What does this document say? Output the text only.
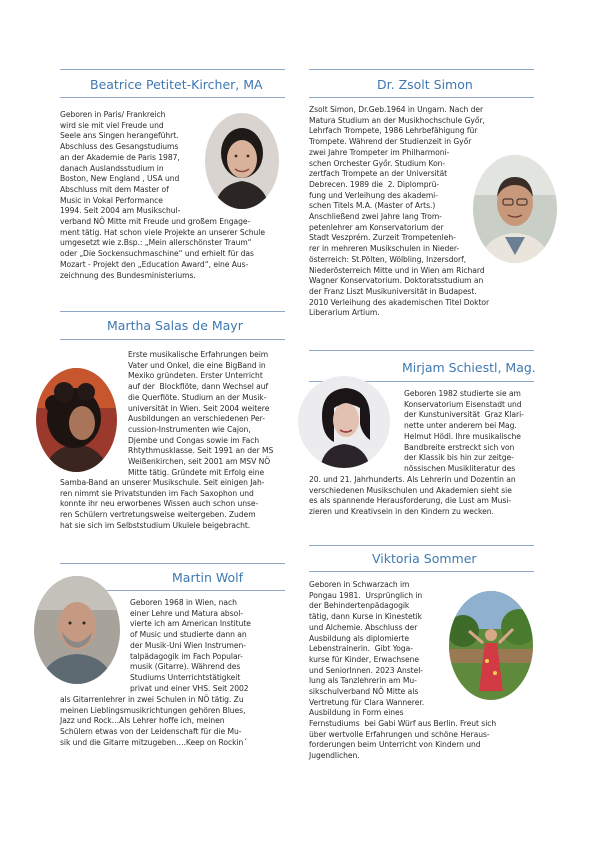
Beatrice Petitet-Kircher, MA
Geboren in Paris/ Frankreich
wird sie mit viel Freude und
Seele ans Singen herangeführt.
Abschluss des Gesangstudiums
an der Akademie de Paris 1987,
danach Auslandsstudium in
Boston, New England , USA und
Abschluss mit dem Master of
Music in Vokal Performance
1994. Seit 2004 am Musikschul-
verband NÖ Mitte mit Freude und großem Engage-
ment tätig. Hat schon viele Projekte an unserer Schule
umgesetzt wie z.Bsp.: „Mein allerschönster Traum“
oder „Die Sockensuchmaschine“ und erhielt für das
Mozart - Projekt den „Education Award“, eine Aus-
zeichnung des Bundesministeriums.
Martha Salas de Mayr
Erste musikalische Erfahrungen beim
Vater und Onkel, die eine BigBand in
Mexiko gründeten. Erster Unterricht
auf der  Blockflöte, dann Wechsel auf
die Querflöte. Studium an der Musik-
universität in Wien. Seit 2004 weitere
Ausbildungen an verschiedenen Per-
cussion-Instrumenten wie Cajon,
Djembe und Congas sowie im Fach
Rhtythmusklasse. Seit 1991 an der MS
Weißenkirchen, seit 2001 am MSV NÖ
Mitte tätig. Gründete mit Erfolg eine
Samba-Band an unserer Musikschule. Seit einigen Jah-
ren nimmt sie Privatstunden im Fach Saxophon und
konnte ihr neu erworbenes Wissen auch schon unse-
ren Schülern vertretungsweise weitergeben. Zudem
hat sie sich im Selbststudium Ukulele beigebracht.
Martin Wolf
Geboren 1968 in Wien, nach
einer Lehre und Matura absol-
vierte ich am American Institute
of Music und studierte dann an
der Musik-Uni Wien Instrumen-
talpädagogik im Fach Popular-
musik (Gitarre). Während des
Studiums Unterrichtstätigkeit
privat und einer VHS. Seit 2002
als Gitarrenlehrer in zwei Schulen in NÖ tätig. Zu
meinen Lieblingsmusikrichtungen gehören Blues,
Jazz und Rock…Als Lehrer hoffe ich, meinen
Schülern etwas von der Leidenschaft für die Mu-
sik und die Gitarre mitzugeben….Keep on Rockin´
Dr. Zsolt Simon
Zsolt Simon, Dr.Geb.1964 in Ungarn. Nach der
Matura Studium an der Musikhochschule Győr,
Lehrfach Trompete, 1986 Lehrbefähigung für
Trompete. Während der Studienzeit in Győr
zwei Jahre Trompeter im Philharmoni-
schen Orchester Győr. Studium Kon-
zertfach Trompete an der Universität
Debrecen. 1989 die  2. Diplomprü-
fung und Verleihung des akademi-
schen Titels M.A. (Master of Arts.)
Anschließend zwei Jahre lang Trom-
petenlehrer am Konservatorium der
Stadt Veszprém. Zurzeit Trompetenleh-
rer in mehreren Musikschulen in Nieder-
österreich: St.Pölten, Wölbling, Inzersdorf,
Niederösterreich Mitte und in Wien am Richard
Wagner Konservatorium. Doktoratsstudium an
der Franz Liszt Musikuniversität in Budapest.
2010 Verleihung des akademischen Titel Doktor
Liberarium Artium.
Mirjam Schiestl, Mag.
Geboren 1982 studierte sie am
Konservatorium Eisenstadt und
der Kunstuniversität  Graz Klari-
nette unter anderem bei Mag.
Helmut Hödl. Ihre musikalische
Bandbreite erstreckt sich von
der Klassik bis hin zur zeitge-
nössischen Musikliteratur des
20. und 21. Jahrhunderts. Als Lehrerin und Dozentin an
verschiedenen Musikschulen und Akademien sieht sie
es als spannende Herausforderung, die Lust am Musi-
zieren und Kreativsein in den Kindern zu wecken.
Viktoria Sommer
Geboren in Schwarzach im
Pongau 1981.  Ursprünglich in
der Behindertenpädagogik
tätig, dann Kurse in Kinestetik
und Alchemie. Abschluss der
Ausbildung als diplomierte
Lebenstrainerin.  Gibt Yoga-
kurse für Kinder, Erwachsene
und SeniorInnen. 2023 Anstel-
lung als Tanzlehrerin am Mu-
sikschulverband NÖ Mitte als
Vertretung für Clara Wannerer.
Ausbildung in Form eines
Fernstudiums  bei Gabi Würf aus Berlin. Freut sich
über wertvolle Erfahrungen und schöne Heraus-
forderungen beim Unterricht von Kindern und
Jugendlichen.
